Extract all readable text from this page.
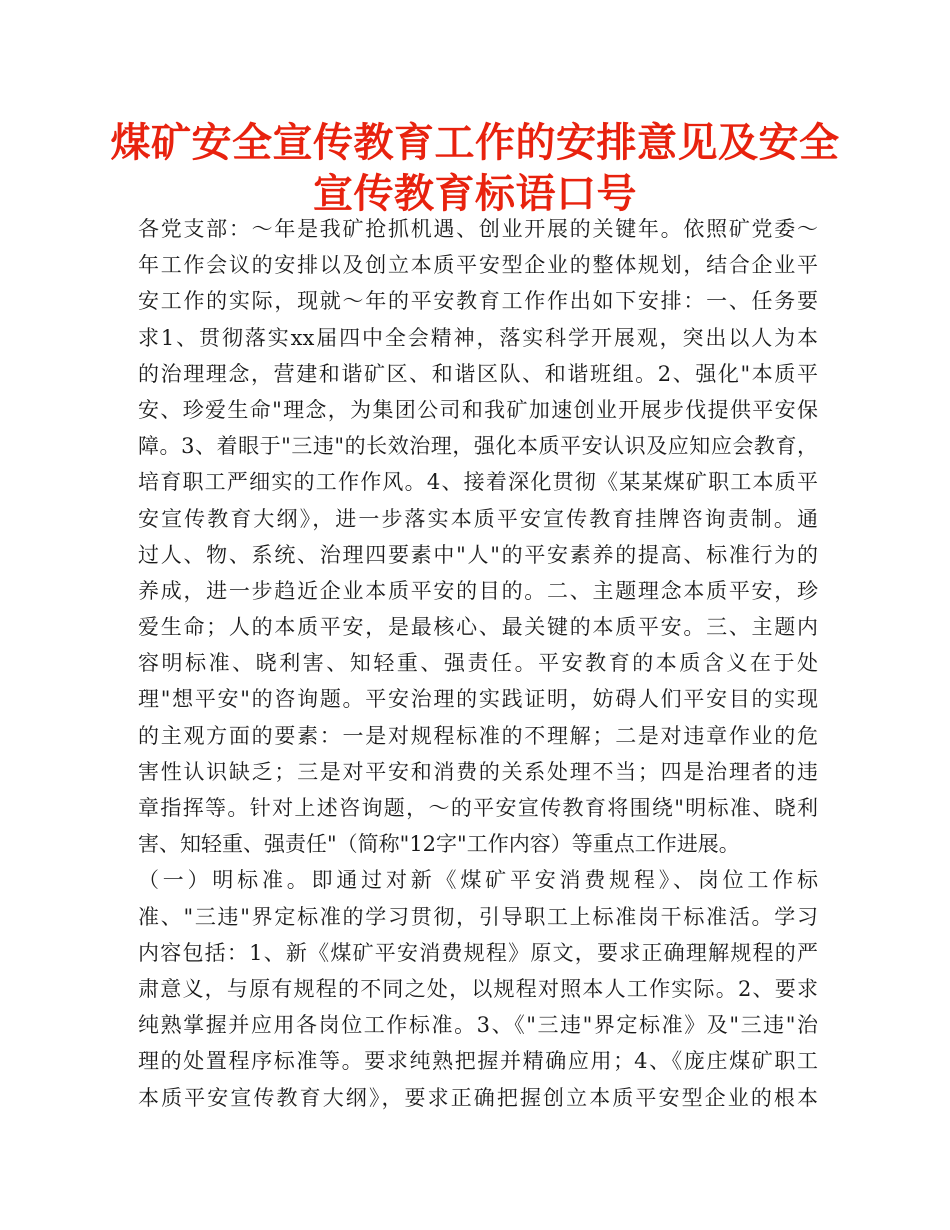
煤矿安全宣传教育工作的安排意见及安全
宣传教育标语口号
各党支部：～年是我矿抢抓机遇、创业开展的关键年。依照矿党委～
年工作会议的安排以及创立本质平安型企业的整体规划，结合企业平
安工作的实际，现就～年的平安教育工作作出如下安排：一、任务要
求1、贯彻落实xx届四中全会精神，落实科学开展观，突出以人为本
的治理理念，营建和谐矿区、和谐区队、和谐班组。2、强化"本质平
安、珍爱生命"理念，为集团公司和我矿加速创业开展步伐提供平安保
障。3、着眼于"三违"的长效治理，强化本质平安认识及应知应会教育，
培育职工严细实的工作作风。4、接着深化贯彻《某某煤矿职工本质平
安宣传教育大纲》，进一步落实本质平安宣传教育挂牌咨询责制。通
过人、物、系统、治理四要素中"人"的平安素养的提高、标准行为的
养成，进一步趋近企业本质平安的目的。二、主题理念本质平安，珍
爱生命；人的本质平安，是最核心、最关键的本质平安。三、主题内
容明标准、晓利害、知轻重、强责任。平安教育的本质含义在于处
理"想平安"的咨询题。平安治理的实践证明，妨碍人们平安目的实现
的主观方面的要素：一是对规程标准的不理解；二是对违章作业的危
害性认识缺乏；三是对平安和消费的关系处理不当；四是治理者的违
章指挥等。针对上述咨询题，～的平安宣传教育将围绕"明标准、晓利
害、知轻重、强责任"（简称"12字"工作内容）等重点工作进展。
（一）明标准。即通过对新《煤矿平安消费规程》、岗位工作标
准、"三违"界定标准的学习贯彻，引导职工上标准岗干标准活。学习
内容包括：1、新《煤矿平安消费规程》原文，要求正确理解规程的严
肃意义，与原有规程的不同之处，以规程对照本人工作实际。2、要求
纯熟掌握并应用各岗位工作标准。3、《"三违"界定标准》及"三违"治
理的处置程序标准等。要求纯熟把握并精确应用；4、《庞庄煤矿职工
本质平安宣传教育大纲》，要求正确把握创立本质平安型企业的根本
